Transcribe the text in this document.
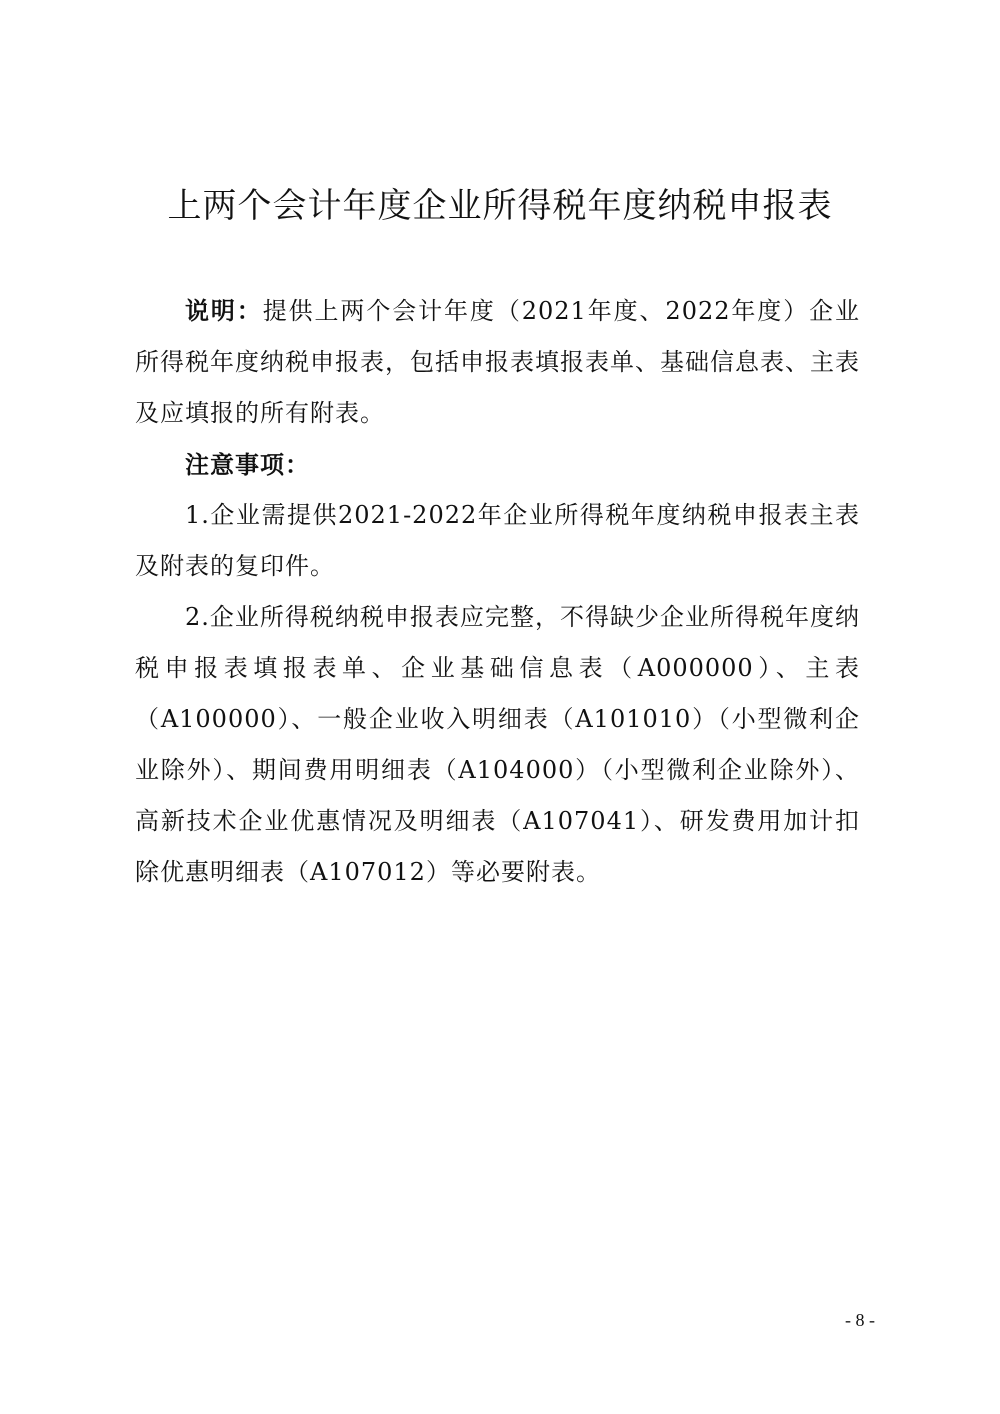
上两个会计年度企业所得税年度纳税申报表

说明：提供上两个会计年度（2021年度、2022年度）企业所得税年度纳税申报表，包括申报表填报表单、基础信息表、主表及应填报的所有附表。

注意事项：

1.企业需提供2021-2022年企业所得税年度纳税申报表主表及附表的复印件。

2.企业所得税纳税申报表应完整，不得缺少企业所得税年度纳税申报表填报表单、企业基础信息表（A000000）、主表（A100000）、一般企业收入明细表（A101010）（小型微利企业除外）、期间费用明细表（A104000）（小型微利企业除外）、高新技术企业优惠情况及明细表（A107041）、研发费用加计扣除优惠明细表（A107012）等必要附表。

- 8 -
